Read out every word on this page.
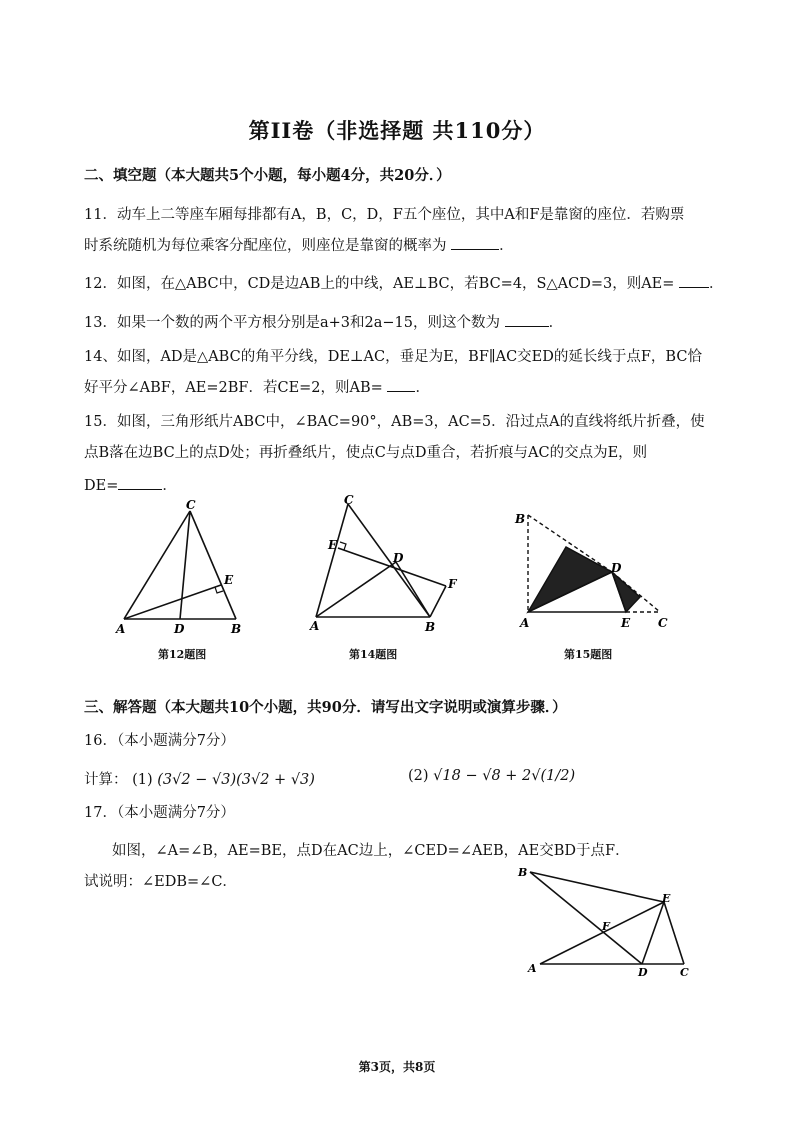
第II卷（非选择题 共110分）
二、填空题（本大题共5个小题，每小题4分，共20分．）
11．动车上二等座车厢每排都有A，B，C，D，F五个座位，其中A和F是靠窗的座位．若购票
时系统随机为每位乘客分配座位，则座位是靠窗的概率为	．
12．如图，在△ABC中，CD是边AB上的中线，AE⊥BC，若BC=4，S△ACD=3，则AE= ．
13．如果一个数的两个平方根分别是a+3和2a−15，则这个数为	．
14、如图，AD是△ABC的角平分线，DE⊥AC，垂足为E，BF∥AC交ED的延长线于点F，BC恰
好平分∠ABF，AE=2BF．若CE=2，则AB= ．
15．如图，三角形纸片ABC中，∠BAC=90°，AB=3，AC=5．沿过点A的直线将纸片折叠，使
点B落在边BC上的点D处；再折叠纸片，使点C与点D重合，若折痕与AC的交点为E，则
DE=	．
C
E
A	D	B
第12题图
C
E
D
F
A	B
第14题图
B
D
A	E C
第15题图
三、解答题（本大题共10个小题，共90分．请写出文字说明或演算步骤．）
16．（本小题满分7分）
计算： (1) (3√2 − √3)(3√2 + √3)	(2) √18 − √8 + 2√(1/2)
17．（本小题满分7分）
如图，∠A=∠B，AE=BE，点D在AC边上，∠CED=∠AEB，AE交BD于点F．
试说明：∠EDB=∠C．
B
E
F
A	D	C
第3页，共8页
